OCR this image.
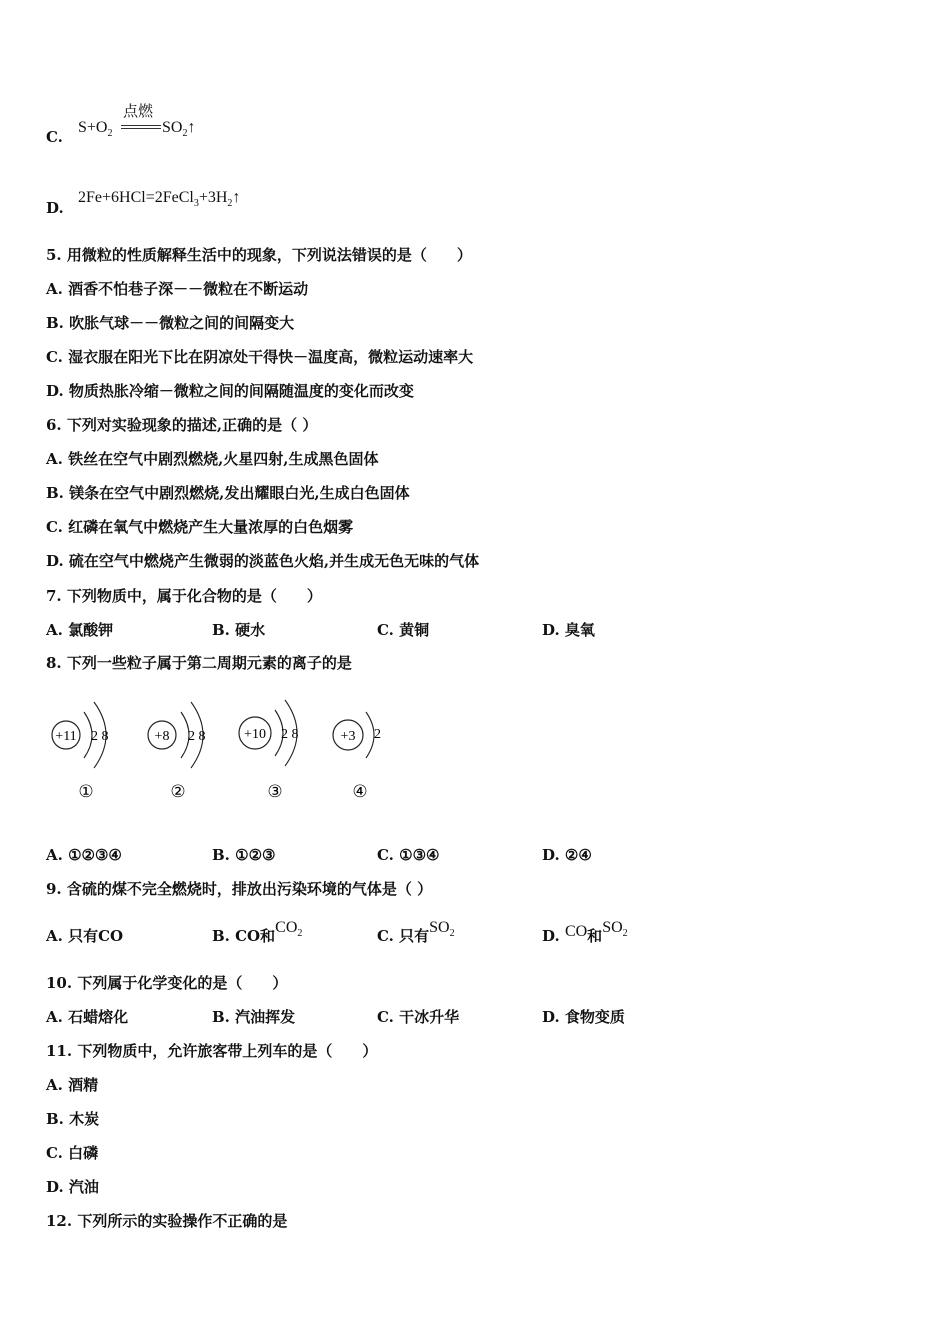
C.
$S+O_2$
点燃
$SO_2↑$
D.
$2Fe+6HCl=2FeCl_3+3H_2↑$
5. 用微粒的性质解释生活中的现象，下列说法错误的是（　　）
A. 酒香不怕巷子深－－微粒在不断运动
B. 吹胀气球－－微粒之间的间隔变大
C. 湿衣服在阳光下比在阴凉处干得快－温度高，微粒运动速率大
D. 物质热胀冷缩－微粒之间的间隔随温度的变化而改变
6. 下列对实验现象的描述,正确的是（ ）
A. 铁丝在空气中剧烈燃烧,火星四射,生成黑色固体
B. 镁条在空气中剧烈燃烧,发出耀眼白光,生成白色固体
C. 红磷在氧气中燃烧产生大量浓厚的白色烟雾
D. 硫在空气中燃烧产生微弱的淡蓝色火焰,并生成无色无味的气体
7. 下列物质中，属于化合物的是（　　）
A. 氯酸钾	B. 硬水	C. 黄铜	D. 臭氧
8. 下列一些粒子属于第二周期元素的离子的是
+11 2 8	+8 2 8	+10 2 8	+3 2
①	②	③	④
A. ①②③④	B. ①②③	C. ①③④	D. ②④
9. 含硫的煤不完全燃烧时，排放出污染环境的气体是（ ）
A. 只有CO	B. CO和$CO_2$	C. 只有$SO_2$	D. CO和$SO_2$
10. 下列属于化学变化的是（　　）
A. 石蜡熔化	B. 汽油挥发	C. 干冰升华	D. 食物变质
11. 下列物质中，允许旅客带上列车的是（　　）
A. 酒精
B. 木炭
C. 白磷
D. 汽油
12. 下列所示的实验操作不正确的是
